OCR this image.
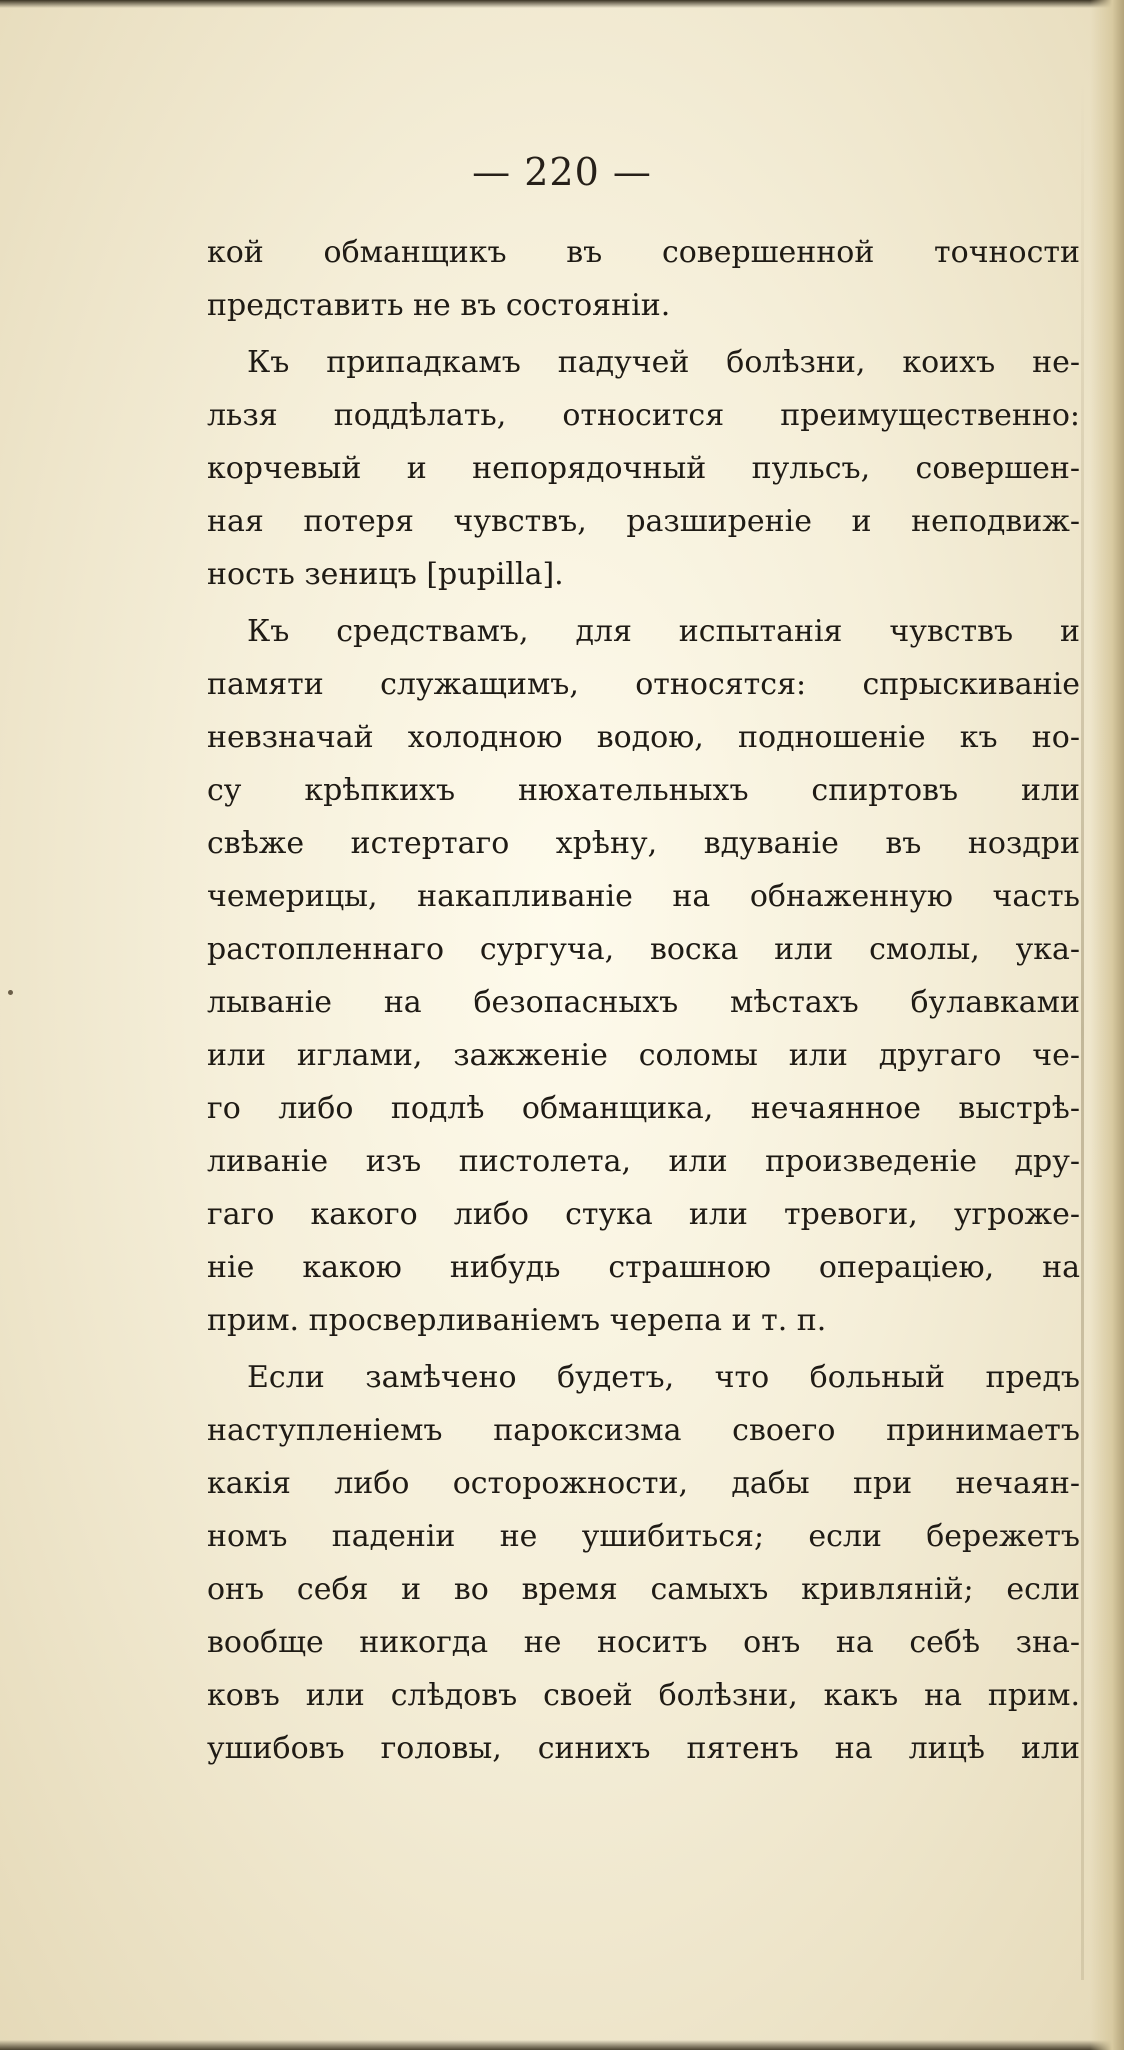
— 220 —
кой обманщикъ въ совершенной точности
представить не въ состояніи.
Къ припадкамъ падучей болѣзни, коихъ не-
льзя поддѣлать, относится преимущественно:
корчевый и непорядочный пульсъ, совершен-
ная потеря чувствъ, разширеніе и неподвиж-
ность зеницъ [pupilla].
Къ средствамъ, для испытанія чувствъ и
памяти служащимъ, относятся: спрыскиваніе
невзначай холодною водою, подношеніе къ но-
су крѣпкихъ нюхательныхъ спиртовъ или
свѣже истертаго хрѣну, вдуваніе въ ноздри
чемерицы, накапливаніе на обнаженную часть
растопленнаго сургуча, воска или смолы, ука-
лываніе на безопасныхъ мѣстахъ булавками
или иглами, зажженіе соломы или другаго че-
го либо подлѣ обманщика, нечаянное выстрѣ-
ливаніе изъ пистолета, или произведеніе дру-
гаго какого либо стука или тревоги, угроже-
ніе какою нибудь страшною операціею, на
прим. просверливаніемъ черепа и т. п.
Если замѣчено будетъ, что больный предъ
наступленіемъ пароксизма своего принимаетъ
какія либо осторожности, дабы при нечаян-
номъ паденіи не ушибиться; если бережетъ
онъ себя и во время самыхъ кривляній; если
вообще никогда не носитъ онъ на себѣ зна-
ковъ или слѣдовъ своей болѣзни, какъ на прим.
ушибовъ головы, синихъ пятенъ на лицѣ или
